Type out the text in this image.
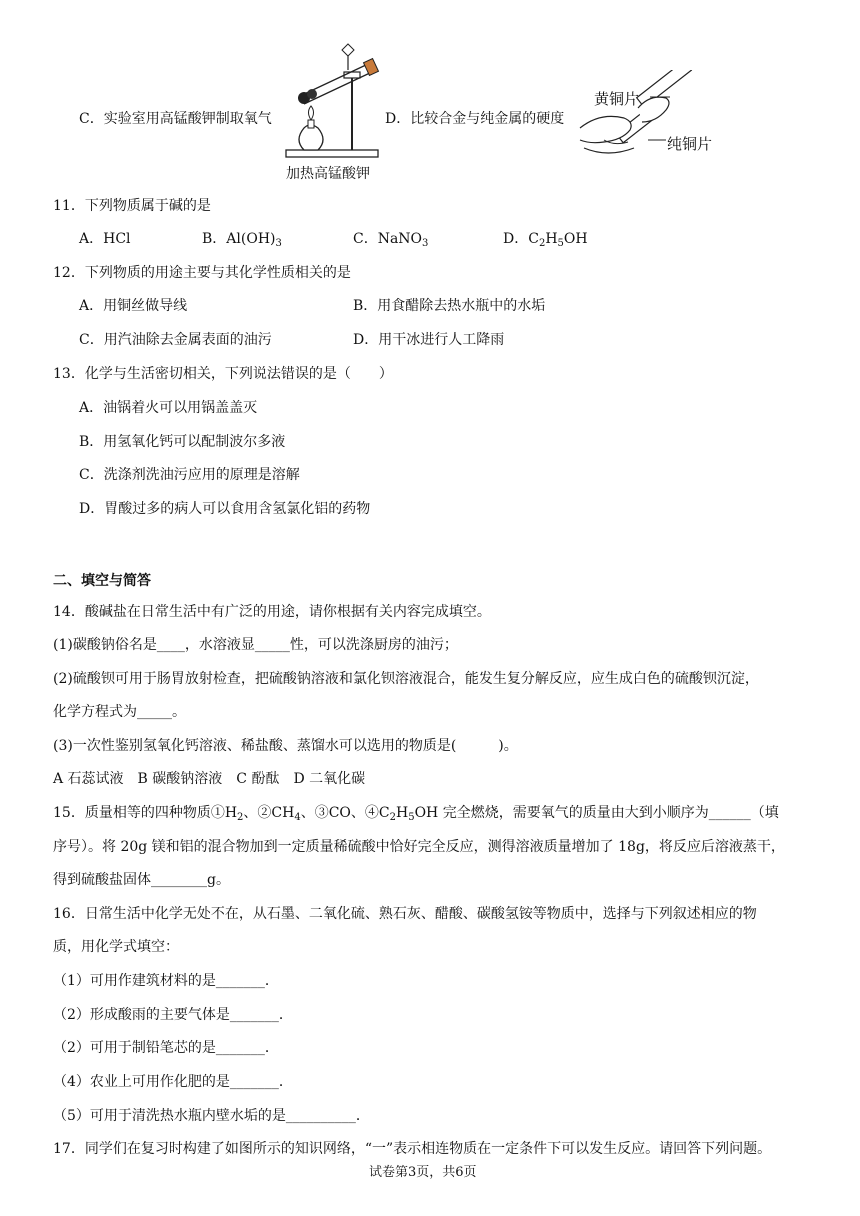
C．实验室用高锰酸钾制取氧气
加热高锰酸钾
D．比较合金与纯金属的硬度
黄铜片
纯铜片
11．下列物质属于碱的是
A．HCl	B．$Al(OH)_3$	C．NaNO$_3$	D．$C_2H_5OH$
12．下列物质的用途主要与其化学性质相关的是
A．用铜丝做导线	B．用食醋除去热水瓶中的水垢
C．用汽油除去金属表面的油污	D．用干冰进行人工降雨
13．化学与生活密切相关，下列说法错误的是（　　）
A．油锅着火可以用锅盖盖灭
B．用氢氧化钙可以配制波尔多液
C．洗涤剂洗油污应用的原理是溶解
D．胃酸过多的病人可以食用含氢氯化铝的药物
二、填空与简答
14．酸碱盐在日常生活中有广泛的用途，请你根据有关内容完成填空。
(1)碳酸钠俗名是____，水溶液显_____性，可以洗涤厨房的油污；
(2)硫酸钡可用于肠胃放射检查，把硫酸钠溶液和氯化钡溶液混合，能发生复分解反应，应生成白色的硫酸钡沉淀，
化学方程式为_____。
(3)一次性鉴别氢氧化钙溶液、稀盐酸、蒸馏水可以选用的物质是(　　　)。
A 石蕊试液　B 碳酸钠溶液　C 酚酞　D 二氧化碳
15．质量相等的四种物质$①H_2$、$②CH_4$、③CO、$④C_2H_5OH$ 完全燃烧，需要氧气的质量由大到小顺序为______（填
序号）。将 20g 镁和铝的混合物加到一定质量稀硫酸中恰好完全反应，测得溶液质量增加了 18g，将反应后溶液蒸干，
得到硫酸盐固体________g。
16．日常生活中化学无处不在，从石墨、二氧化硫、熟石灰、醋酸、碳酸氢铵等物质中，选择与下列叙述相应的物
质，用化学式填空：
（1）可用作建筑材料的是_______．
（2）形成酸雨的主要气体是_______．
（2）可用于制铅笔芯的是_______．
（4）农业上可用作化肥的是_______．
（5）可用于清洗热水瓶内壁水垢的是__________．
17．同学们在复习时构建了如图所示的知识网络，“一”表示相连物质在一定条件下可以发生反应。请回答下列问题。
试卷第3页，共6页
